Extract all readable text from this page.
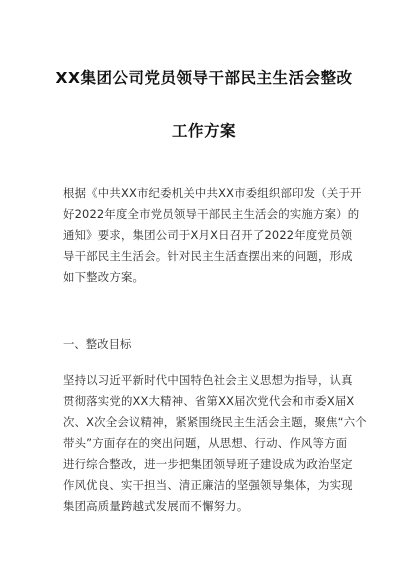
XX集团公司党员领导干部民主生活会整改
工作方案
根据《中共XX市纪委机关中共XX市委组织部印发（关于开
好2022年度全市党员领导干部民主生活会的实施方案）的
通知》要求，集团公司于X月X日召开了2022年度党员领
导干部民主生活会。针对民主生活查摆出来的问题，形成
如下整改方案。
一、整改目标
坚持以习近平新时代中国特色社会主义思想为指导，认真
贯彻落实党的XX大精神、省第XX届次党代会和市委X届X
次、X次全会议精神，紧紧围绕民主生活会主题，聚焦“六个
带头”方面存在的突出问题，从思想、行动、作风等方面
进行综合整改，进一步把集团领导班子建设成为政治坚定
作风优良、实干担当、清正廉洁的坚强领导集体，为实现
集团高质量跨越式发展而不懈努力。
